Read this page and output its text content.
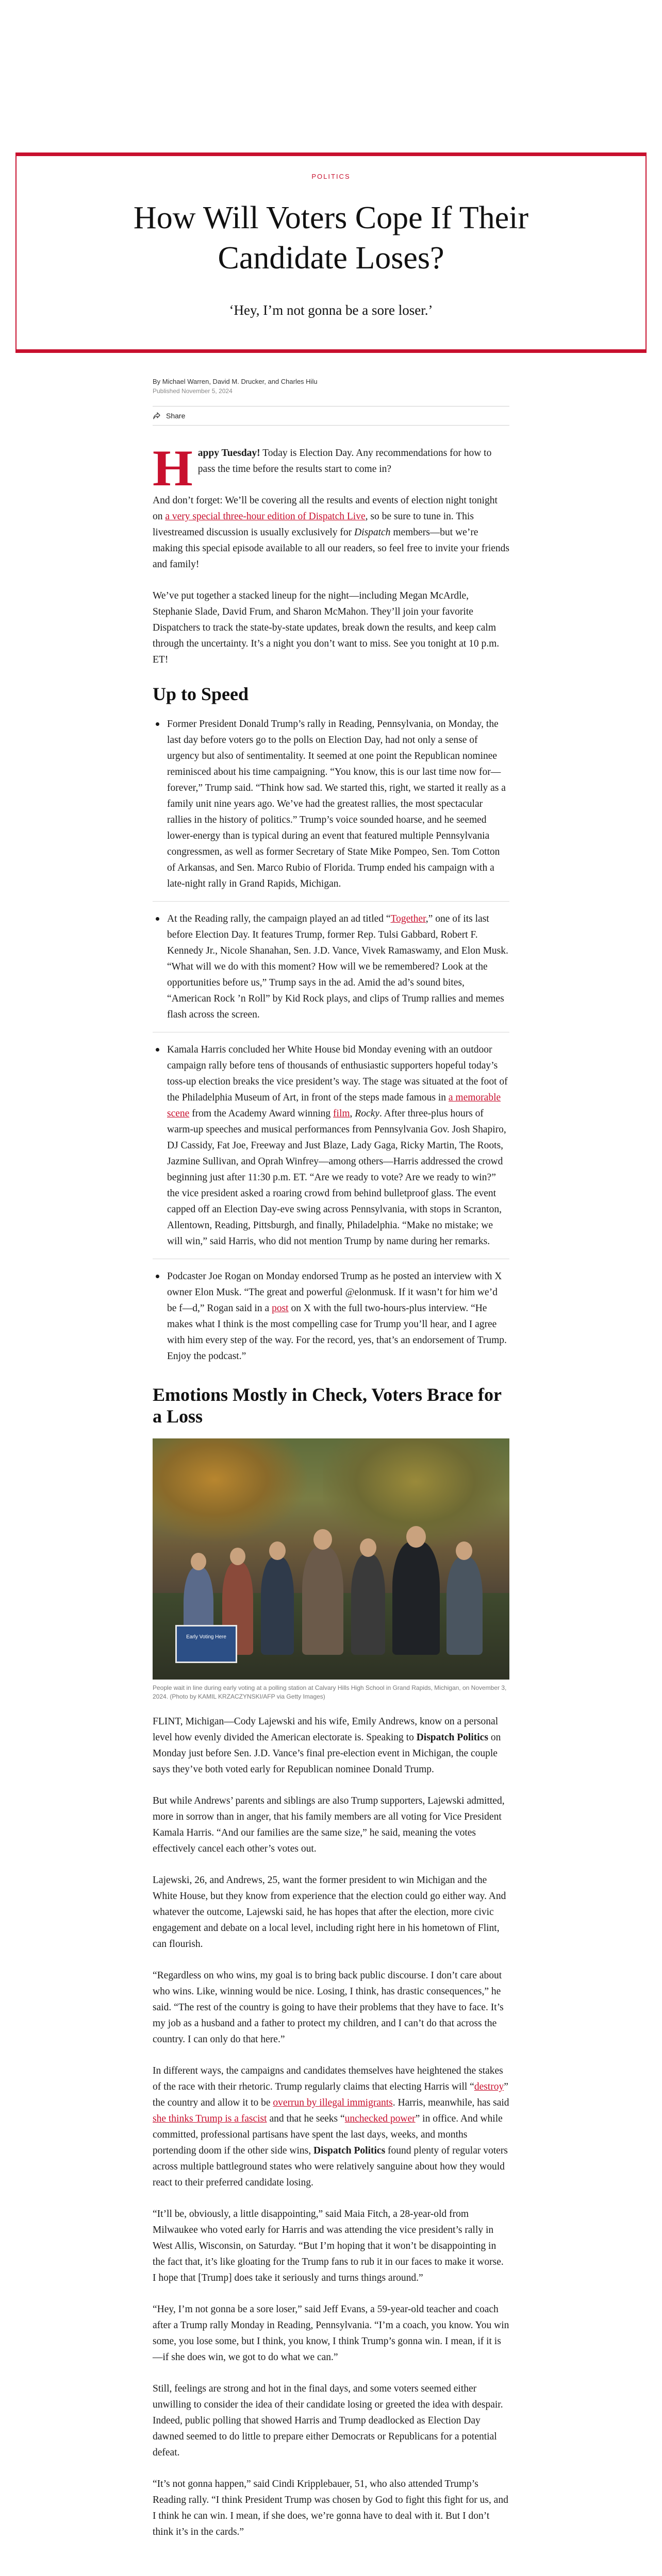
POLITICS
How Will Voters Cope If Their Candidate Loses?
‘Hey, I’m not gonna be a sore loser.’
By Michael Warren, David M. Drucker, and Charles Hilu
Published November 5, 2024
Share

Happy Tuesday! Today is Election Day. Any recommendations for how to pass the time before the results start to come in?

And don’t forget: We’ll be covering all the results and events of election night tonight on a very special three-hour edition of Dispatch Live, so be sure to tune in. This livestreamed discussion is usually exclusively for Dispatch members—but we’re making this special episode available to all our readers, so feel free to invite your friends and family!

We’ve put together a stacked lineup for the night—including Megan McArdle, Stephanie Slade, David Frum, and Sharon McMahon. They’ll join your favorite Dispatchers to track the state-by-state updates, break down the results, and keep calm through the uncertainty. It’s a night you don’t want to miss. See you tonight at 10 p.m. ET!

Up to Speed
Former President Donald Trump’s rally in Reading, Pennsylvania, on Monday, the last day before voters go to the polls on Election Day, had not only a sense of urgency but also of sentimentality. It seemed at one point the Republican nominee reminisced about his time campaigning. “You know, this is our last time now for—forever,” Trump said. “Think how sad. We started this, right, we started it really as a family unit nine years ago. We’ve had the greatest rallies, the most spectacular rallies in the history of politics.” Trump’s voice sounded hoarse, and he seemed lower-energy than is typical during an event that featured multiple Pennsylvania congressmen, as well as former Secretary of State Mike Pompeo, Sen. Tom Cotton of Arkansas, and Sen. Marco Rubio of Florida. Trump ended his campaign with a late-night rally in Grand Rapids, Michigan.
At the Reading rally, the campaign played an ad titled “Together,” one of its last before Election Day. It features Trump, former Rep. Tulsi Gabbard, Robert F. Kennedy Jr., Nicole Shanahan, Sen. J.D. Vance, Vivek Ramaswamy, and Elon Musk. “What will we do with this moment? How will we be remembered? Look at the opportunities before us,” Trump says in the ad. Amid the ad’s sound bites, “American Rock ’n Roll” by Kid Rock plays, and clips of Trump rallies and memes flash across the screen.
Kamala Harris concluded her White House bid Monday evening with an outdoor campaign rally before tens of thousands of enthusiastic supporters hopeful today’s toss-up election breaks the vice president’s way. The stage was situated at the foot of the Philadelphia Museum of Art, in front of the steps made famous in a memorable scene from the Academy Award winning film, Rocky. After three-plus hours of warm-up speeches and musical performances from Pennsylvania Gov. Josh Shapiro, DJ Cassidy, Fat Joe, Freeway and Just Blaze, Lady Gaga, Ricky Martin, The Roots, Jazmine Sullivan, and Oprah Winfrey—among others—Harris addressed the crowd beginning just after 11:30 p.m. ET. “Are we ready to vote? Are we ready to win?” the vice president asked a roaring crowd from behind bulletproof glass. The event capped off an Election Day-eve swing across Pennsylvania, with stops in Scranton, Allentown, Reading, Pittsburgh, and finally, Philadelphia. “Make no mistake; we will win,” said Harris, who did not mention Trump by name during her remarks.
Podcaster Joe Rogan on Monday endorsed Trump as he posted an interview with X owner Elon Musk. “The great and powerful @elonmusk. If it wasn’t for him we’d be f—d,” Rogan said in a post on X with the full two-hours-plus interview. “He makes what I think is the most compelling case for Trump you’ll hear, and I agree with him every step of the way. For the record, yes, that’s an endorsement of Trump. Enjoy the podcast.”
Emotions Mostly in Check, Voters Brace for a Loss
Early Voting Here
People wait in line during early voting at a polling station at Calvary Hills High School in Grand Rapids, Michigan, on November 3, 2024. (Photo by KAMIL KRZACZYNSKI/AFP via Getty Images)

FLINT, Michigan—Cody Lajewski and his wife, Emily Andrews, know on a personal level how evenly divided the American electorate is. Speaking to Dispatch Politics on Monday just before Sen. J.D. Vance’s final pre-election event in Michigan, the couple says they’ve both voted early for Republican nominee Donald Trump.

But while Andrews’ parents and siblings are also Trump supporters, Lajewski admitted, more in sorrow than in anger, that his family members are all voting for Vice President Kamala Harris. “And our families are the same size,” he said, meaning the votes effectively cancel each other’s votes out.

Lajewski, 26, and Andrews, 25, want the former president to win Michigan and the White House, but they know from experience that the election could go either way. And whatever the outcome, Lajewski said, he has hopes that after the election, more civic engagement and debate on a local level, including right here in his hometown of Flint, can flourish.

“Regardless on who wins, my goal is to bring back public discourse. I don’t care about who wins. Like, winning would be nice. Losing, I think, has drastic consequences,” he said. “The rest of the country is going to have their problems that they have to face. It’s my job as a husband and a father to protect my children, and I can’t do that across the country. I can only do that here.”

In different ways, the campaigns and candidates themselves have heightened the stakes of the race with their rhetoric. Trump regularly claims that electing Harris will “destroy” the country and allow it to be overrun by illegal immigrants. Harris, meanwhile, has said she thinks Trump is a fascist and that he seeks “unchecked power” in office. And while committed, professional partisans have spent the last days, weeks, and months portending doom if the other side wins, Dispatch Politics found plenty of regular voters across multiple battleground states who were relatively sanguine about how they would react to their preferred candidate losing.

“It’ll be, obviously, a little disappointing,” said Maia Fitch, a 28-year-old from Milwaukee who voted early for Harris and was attending the vice president’s rally in West Allis, Wisconsin, on Saturday. “But I’m hoping that it won’t be disappointing in the fact that, it’s like gloating for the Trump fans to rub it in our faces to make it worse. I hope that [Trump] does take it seriously and turns things around.”

“Hey, I’m not gonna be a sore loser,” said Jeff Evans, a 59-year-old teacher and coach after a Trump rally Monday in Reading, Pennsylvania. “I’m a coach, you know. You win some, you lose some, but I think, you know, I think Trump’s gonna win. I mean, if it is—if she does win, we got to do what we can.”

Still, feelings are strong and hot in the final days, and some voters seemed either unwilling to consider the idea of their candidate losing or greeted the idea with despair. Indeed, public polling that showed Harris and Trump deadlocked as Election Day dawned seemed to do little to prepare either Democrats or Republicans for a potential defeat.

“It’s not gonna happen,” said Cindi Kripplebauer, 51, who also attended Trump’s Reading rally. “I think President Trump was chosen by God to fight this fight for us, and I think he can win. I mean, if she does, we’re gonna have to deal with it. But I don’t think it’s in the cards.”
